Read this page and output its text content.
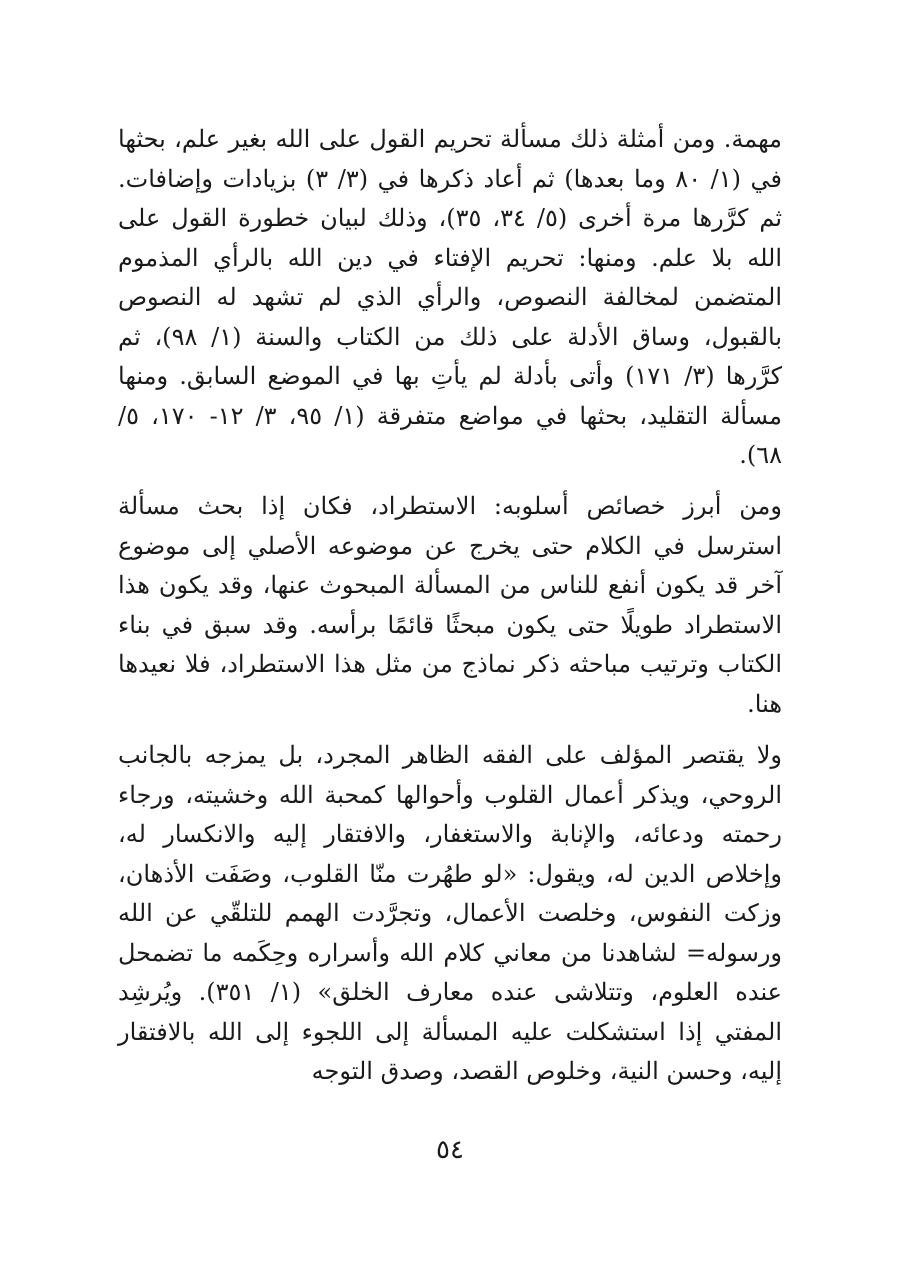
مهمة. ومن أمثلة ذلك مسألة تحريم القول على الله بغير علم، بحثها في (١/ ٨٠ وما بعدها) ثم أعاد ذكرها في (٣/ ٣) بزيادات وإضافات. ثم كرَّرها مرة أخرى (٥/ ٣٤، ٣٥)، وذلك لبيان خطورة القول على الله بلا علم. ومنها: تحريم الإفتاء في دين الله بالرأي المذموم المتضمن لمخالفة النصوص، والرأي الذي لم تشهد له النصوص بالقبول، وساق الأدلة على ذلك من الكتاب والسنة (١/ ٩٨)، ثم كرَّرها (٣/ ١٧١) وأتى بأدلة لم يأتِ بها في الموضع السابق. ومنها مسألة التقليد، بحثها في مواضع متفرقة (١/ ٩٥، ٣/ ١٢- ١٧٠، ٥/ ٦٨).

ومن أبرز خصائص أسلوبه: الاستطراد، فكان إذا بحث مسألة استرسل في الكلام حتى يخرج عن موضوعه الأصلي إلى موضوع آخر قد يكون أنفع للناس من المسألة المبحوث عنها، وقد يكون هذا الاستطراد طويلًا حتى يكون مبحثًا قائمًا برأسه. وقد سبق في بناء الكتاب وترتيب مباحثه ذكر نماذج من مثل هذا الاستطراد، فلا نعيدها هنا.

ولا يقتصر المؤلف على الفقه الظاهر المجرد، بل يمزجه بالجانب الروحي، ويذكر أعمال القلوب وأحوالها كمحبة الله وخشيته، ورجاء رحمته ودعائه، والإنابة والاستغفار، والافتقار إليه والانكسار له، وإخلاص الدين له، ويقول: «لو طهُرت منّا القلوب، وصَفَت الأذهان، وزكت النفوس، وخلصت الأعمال، وتجرَّدت الهمم للتلقّي عن الله ورسوله= لشاهدنا من معاني كلام الله وأسراره وحِكَمه ما تضمحل عنده العلوم، وتتلاشى عنده معارف الخلق» (١/ ٣٥١). ويُرشِد المفتي إذا استشكلت عليه المسألة إلى اللجوء إلى الله بالافتقار إليه، وحسن النية، وخلوص القصد، وصدق التوجه

٥٤
